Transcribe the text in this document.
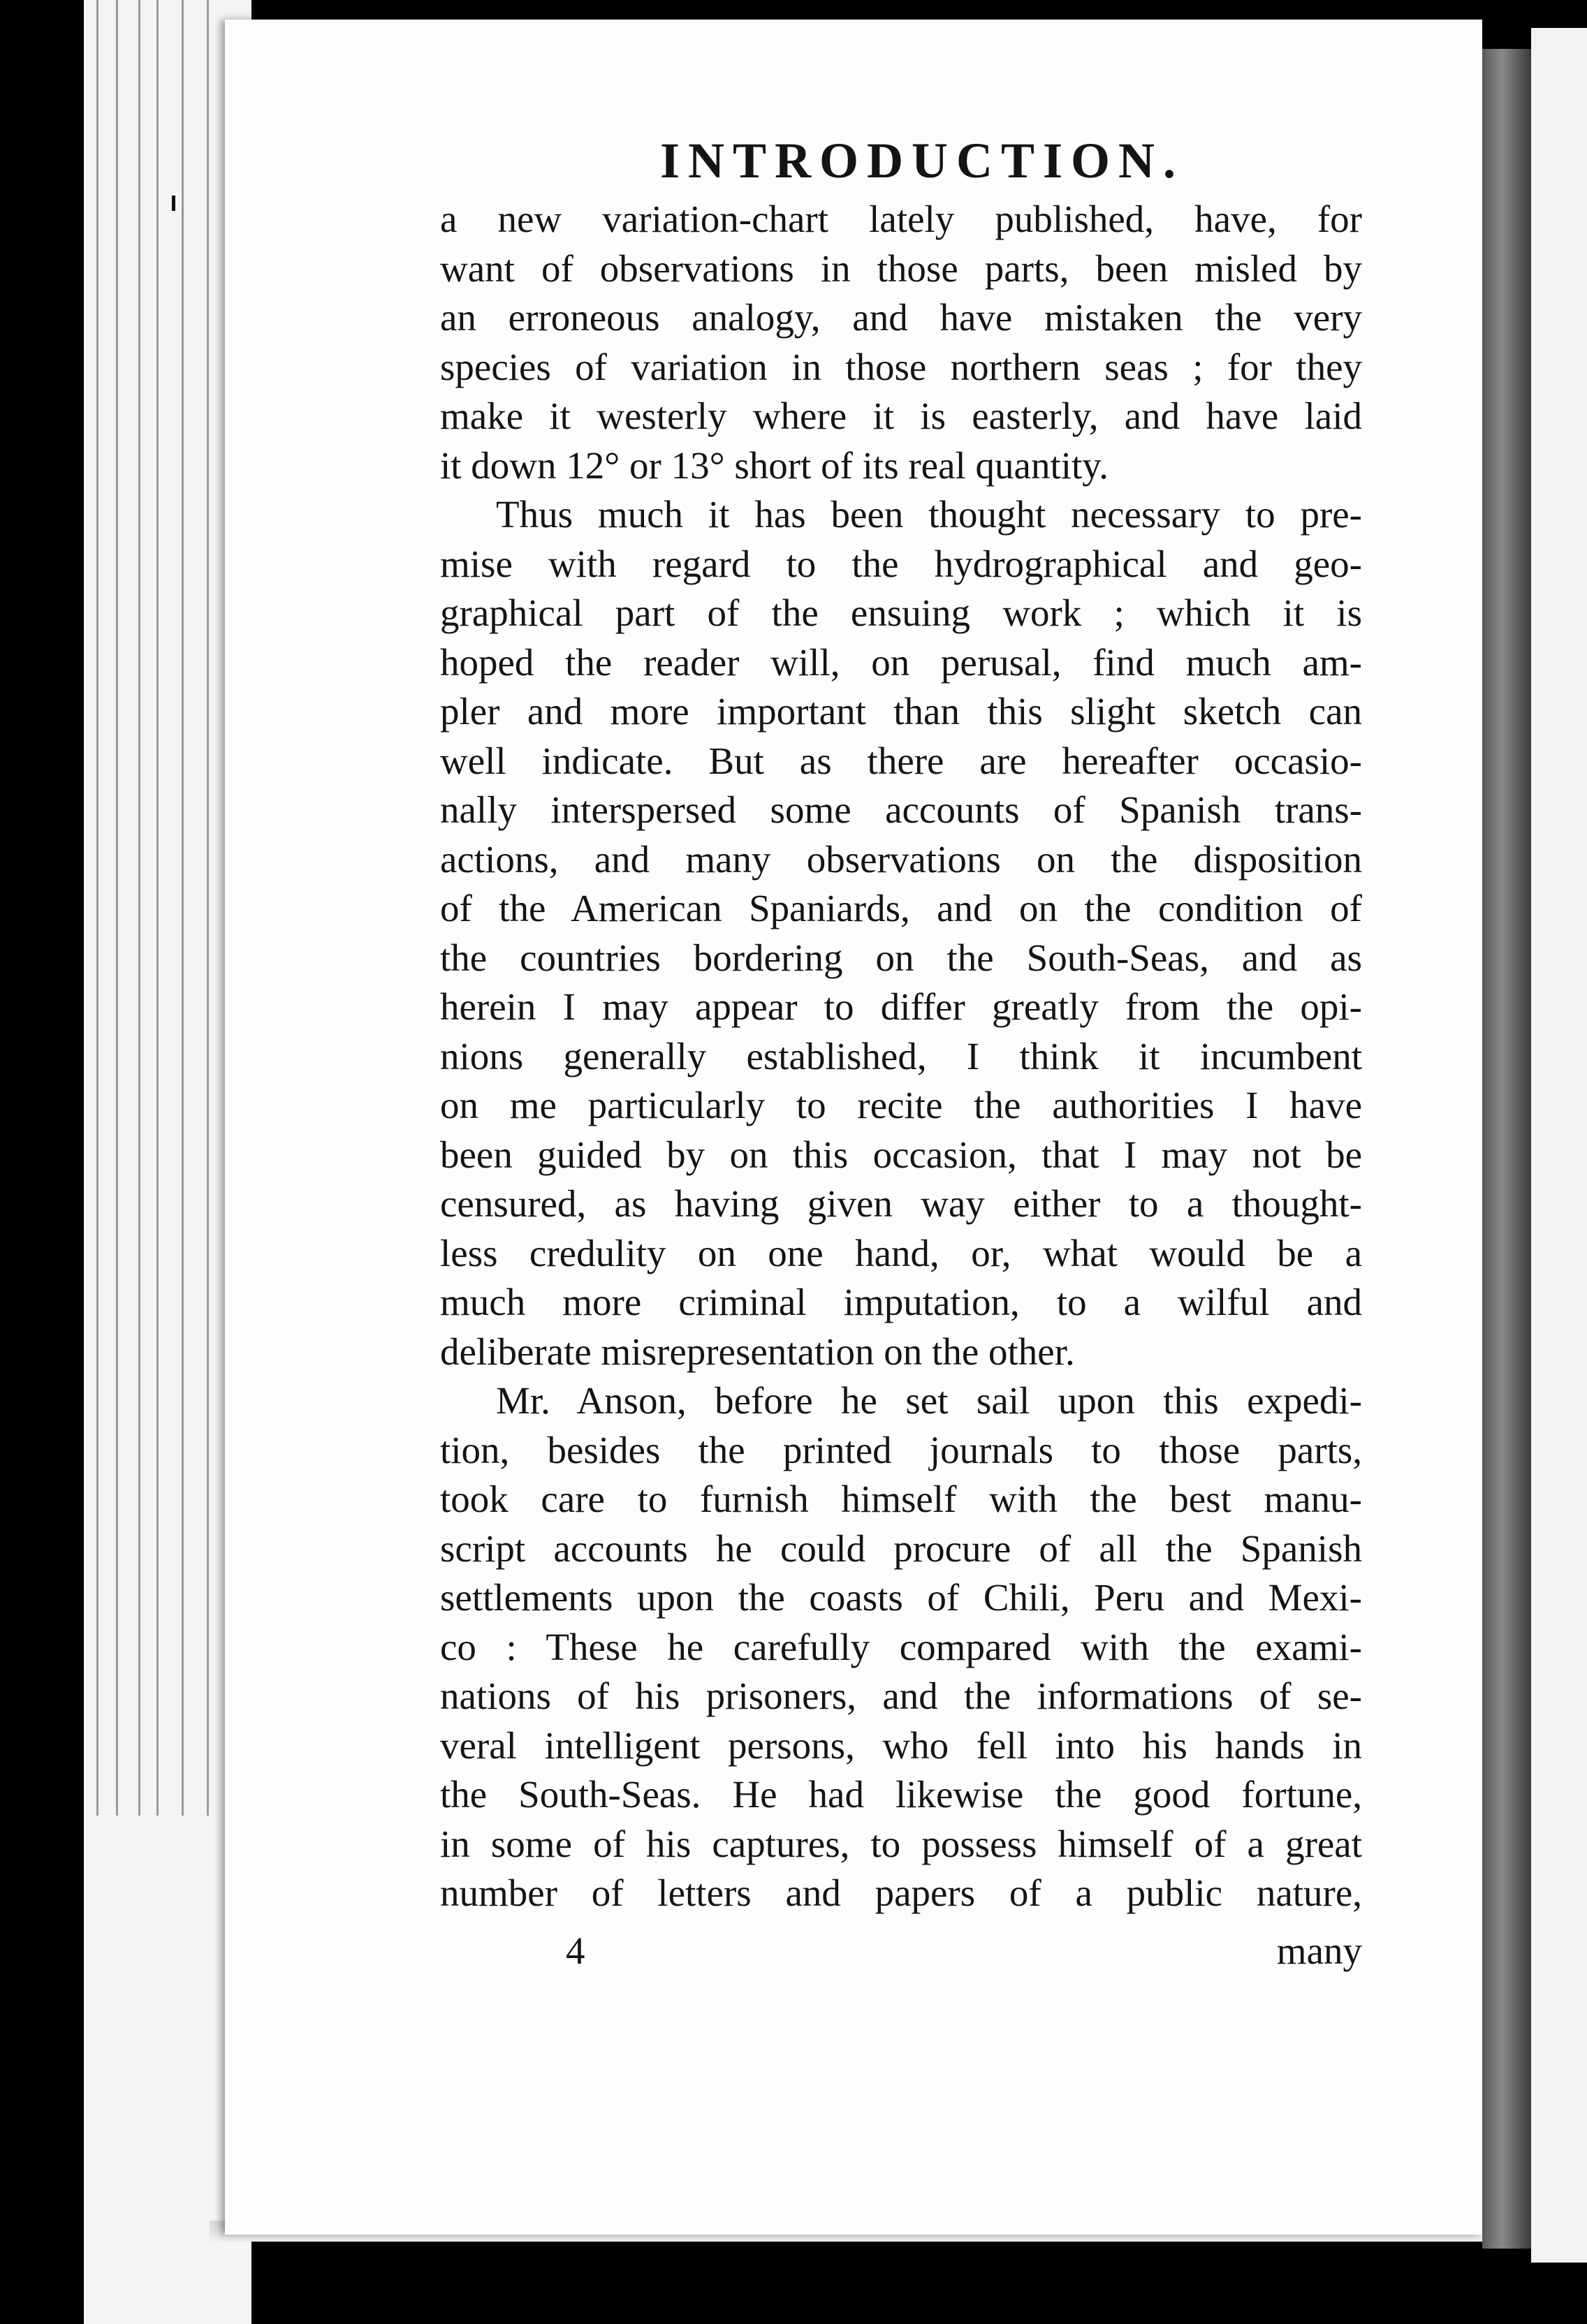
INTRODUCTION.
a new variation-chart lately published, have, for
want of observations in those parts, been misled by
an erroneous analogy, and have mistaken the very
species of variation in those northern seas ; for they
make it westerly where it is easterly, and have laid
it down 12° or 13° short of its real quantity.
Thus much it has been thought necessary to pre-
mise with regard to the hydrographical and geo-
graphical part of the ensuing work ; which it is
hoped the reader will, on perusal, find much am-
pler and more important than this slight sketch can
well indicate. But as there are hereafter occasio-
nally interspersed some accounts of Spanish trans-
actions, and many observations on the disposition
of the American Spaniards, and on the condition of
the countries bordering on the South-Seas, and as
herein I may appear to differ greatly from the opi-
nions generally established, I think it incumbent
on me particularly to recite the authorities I have
been guided by on this occasion, that I may not be
censured, as having given way either to a thought-
less credulity on one hand, or, what would be a
much more criminal imputation, to a wilful and
deliberate misrepresentation on the other.
Mr. Anson, before he set sail upon this expedi-
tion, besides the printed journals to those parts,
took care to furnish himself with the best manu-
script accounts he could procure of all the Spanish
settlements upon the coasts of Chili, Peru and Mexi-
co : These he carefully compared with the exami-
nations of his prisoners, and the informations of se-
veral intelligent persons, who fell into his hands in
the South-Seas. He had likewise the good fortune,
in some of his captures, to possess himself of a great
number of letters and papers of a public nature,
4	many
